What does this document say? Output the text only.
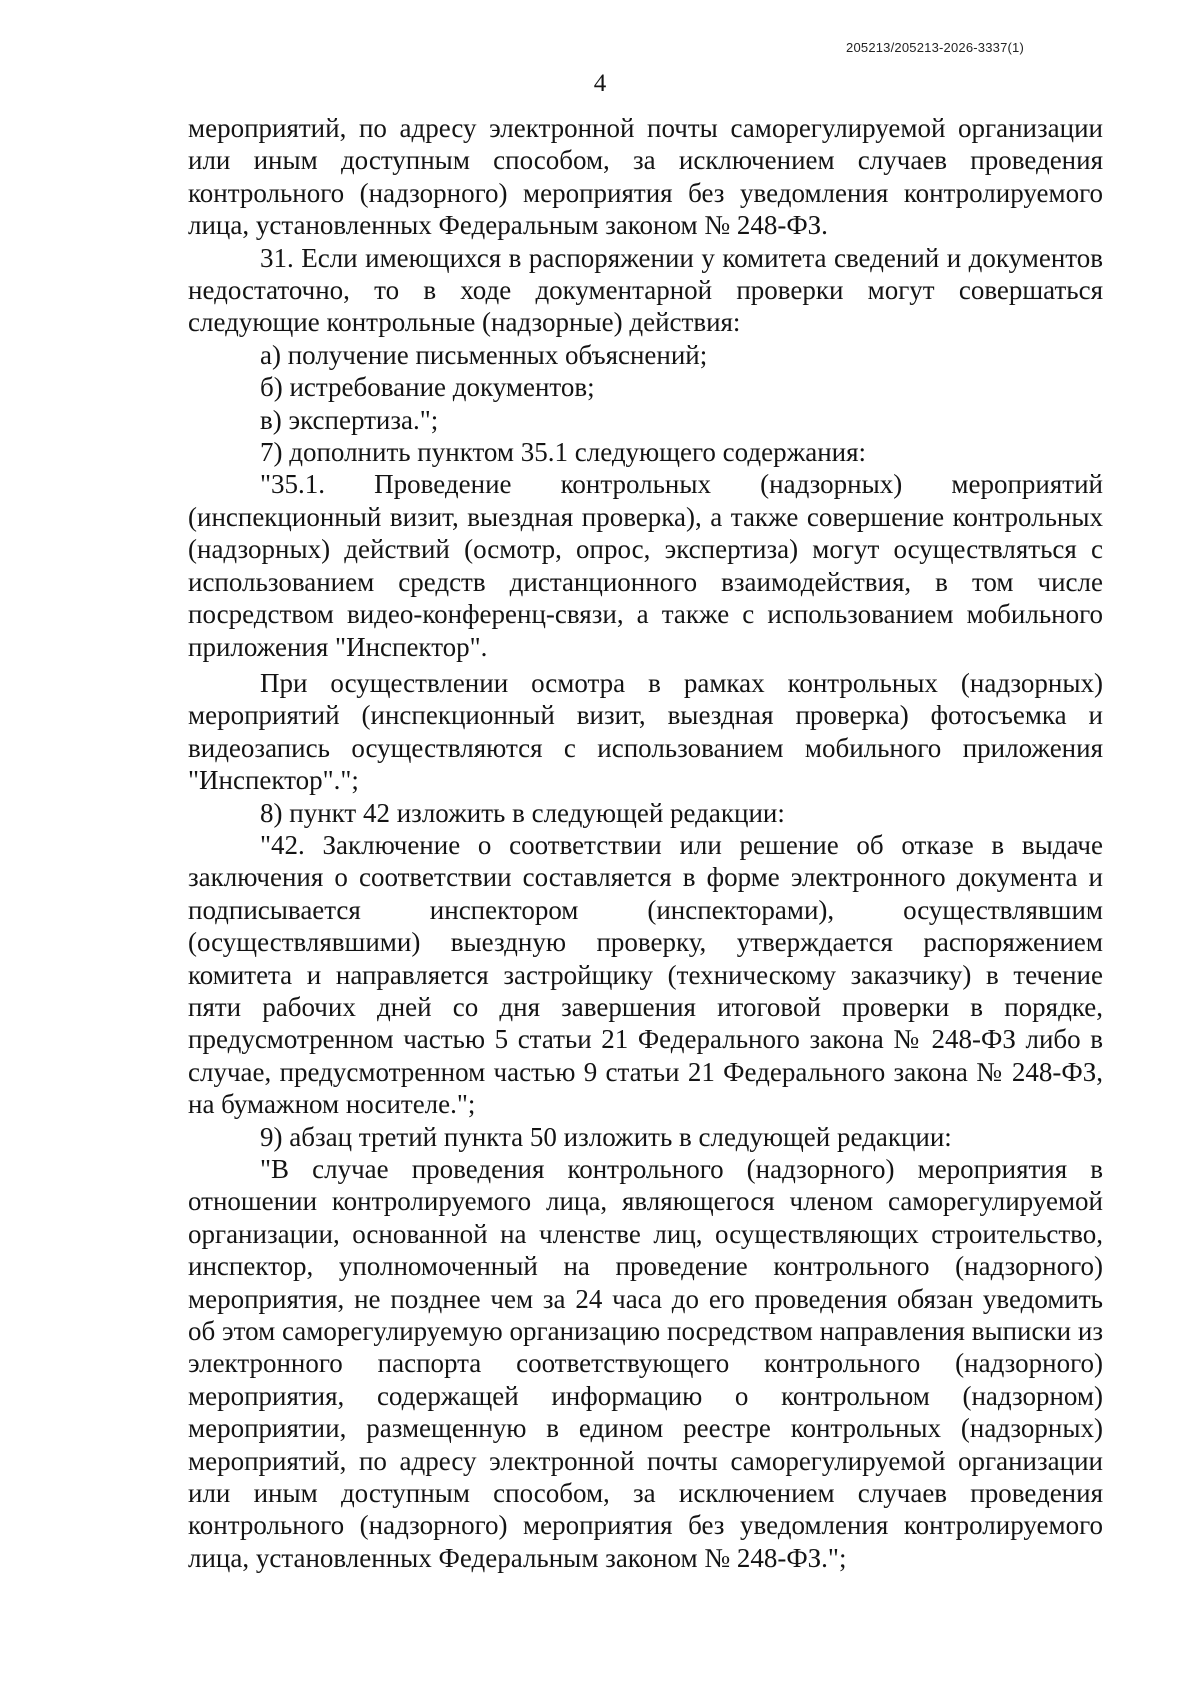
205213/205213-2026-3337(1)
4

мероприятий, по адресу электронной почты саморегулируемой организации или иным доступным способом, за исключением случаев проведения контрольного (надзорного) мероприятия без уведомления контролируемого лица, установленных Федеральным законом № 248-ФЗ.

31. Если имеющихся в распоряжении у комитета сведений и документов недостаточно, то в ходе документарной проверки могут совершаться следующие контрольные (надзорные) действия:

а) получение письменных объяснений;

б) истребование документов;

в) экспертиза.";

7) дополнить пунктом 35.1 следующего содержания:

"35.1. Проведение контрольных (надзорных) мероприятий (инспекционный визит, выездная проверка), а также совершение контрольных (надзорных) действий (осмотр, опрос, экспертиза) могут осуществляться с использованием средств дистанционного взаимодействия, в том числе посредством видео-конференц-связи, а также с использованием мобильного приложения "Инспектор".

При осуществлении осмотра в рамках контрольных (надзорных) мероприятий (инспекционный визит, выездная проверка) фотосъемка и видеозапись осуществляются с использованием мобильного приложения "Инспектор".";

8) пункт 42 изложить в следующей редакции:

"42. Заключение о соответствии или решение об отказе в выдаче заключения о соответствии составляется в форме электронного документа и подписывается инспектором (инспекторами), осуществлявшим (осуществлявшими) выездную проверку, утверждается распоряжением комитета и направляется застройщику (техническому заказчику) в течение пяти рабочих дней со дня завершения итоговой проверки в порядке, предусмотренном частью 5 статьи 21 Федерального закона № 248-ФЗ либо в случае, предусмотренном частью 9 статьи 21 Федерального закона № 248-ФЗ, на бумажном носителе.";

9) абзац третий пункта 50 изложить в следующей редакции:

"В случае проведения контрольного (надзорного) мероприятия в отношении контролируемого лица, являющегося членом саморегулируемой организации, основанной на членстве лиц, осуществляющих строительство, инспектор, уполномоченный на проведение контрольного (надзорного) мероприятия, не позднее чем за 24 часа до его проведения обязан уведомить об этом саморегулируемую организацию посредством направления выписки из электронного паспорта соответствующего контрольного (надзорного) мероприятия, содержащей информацию о контрольном (надзорном) мероприятии, размещенную в едином реестре контрольных (надзорных) мероприятий, по адресу электронной почты саморегулируемой организации или иным доступным способом, за исключением случаев проведения контрольного (надзорного) мероприятия без уведомления контролируемого лица, установленных Федеральным законом № 248-ФЗ.";
